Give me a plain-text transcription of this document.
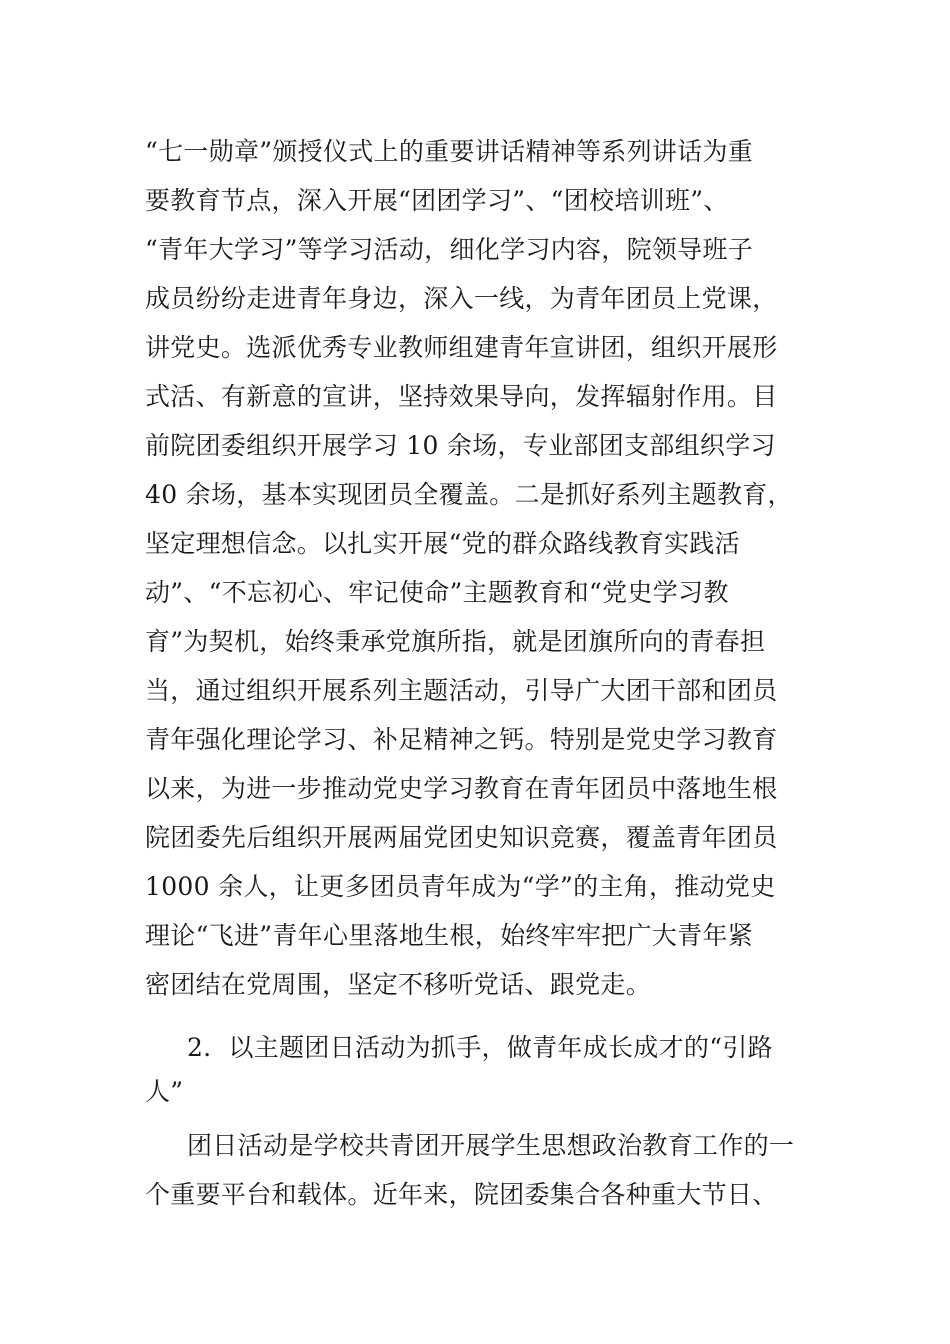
“七一勋章”颁授仪式上的重要讲话精神等系列讲话为重
要教育节点，深入开展“团团学习”、“团校培训班”、
“青年大学习”等学习活动，细化学习内容，院领导班子
成员纷纷走进青年身边，深入一线，为青年团员上党课，
讲党史。选派优秀专业教师组建青年宣讲团，组织开展形
式活、有新意的宣讲，坚持效果导向，发挥辐射作用。目
前院团委组织开展学习 10 余场，专业部团支部组织学习
40 余场，基本实现团员全覆盖。二是抓好系列主题教育，
坚定理想信念。以扎实开展“党的群众路线教育实践活
动”、“不忘初心、牢记使命”主题教育和“党史学习教
育”为契机，始终秉承党旗所指，就是团旗所向的青春担
当，通过组织开展系列主题活动，引导广大团干部和团员
青年强化理论学习、补足精神之钙。特别是党史学习教育
以来，为进一步推动党史学习教育在青年团员中落地生根
院团委先后组织开展两届党团史知识竞赛，覆盖青年团员
1000 余人，让更多团员青年成为“学”的主角，推动党史
理论“飞进”青年心里落地生根，始终牢牢把广大青年紧
密团结在党周围，坚定不移听党话、跟党走。
2．以主题团日活动为抓手，做青年成长成才的“引路
人”
团日活动是学校共青团开展学生思想政治教育工作的一
个重要平台和载体。近年来，院团委集合各种重大节日、
